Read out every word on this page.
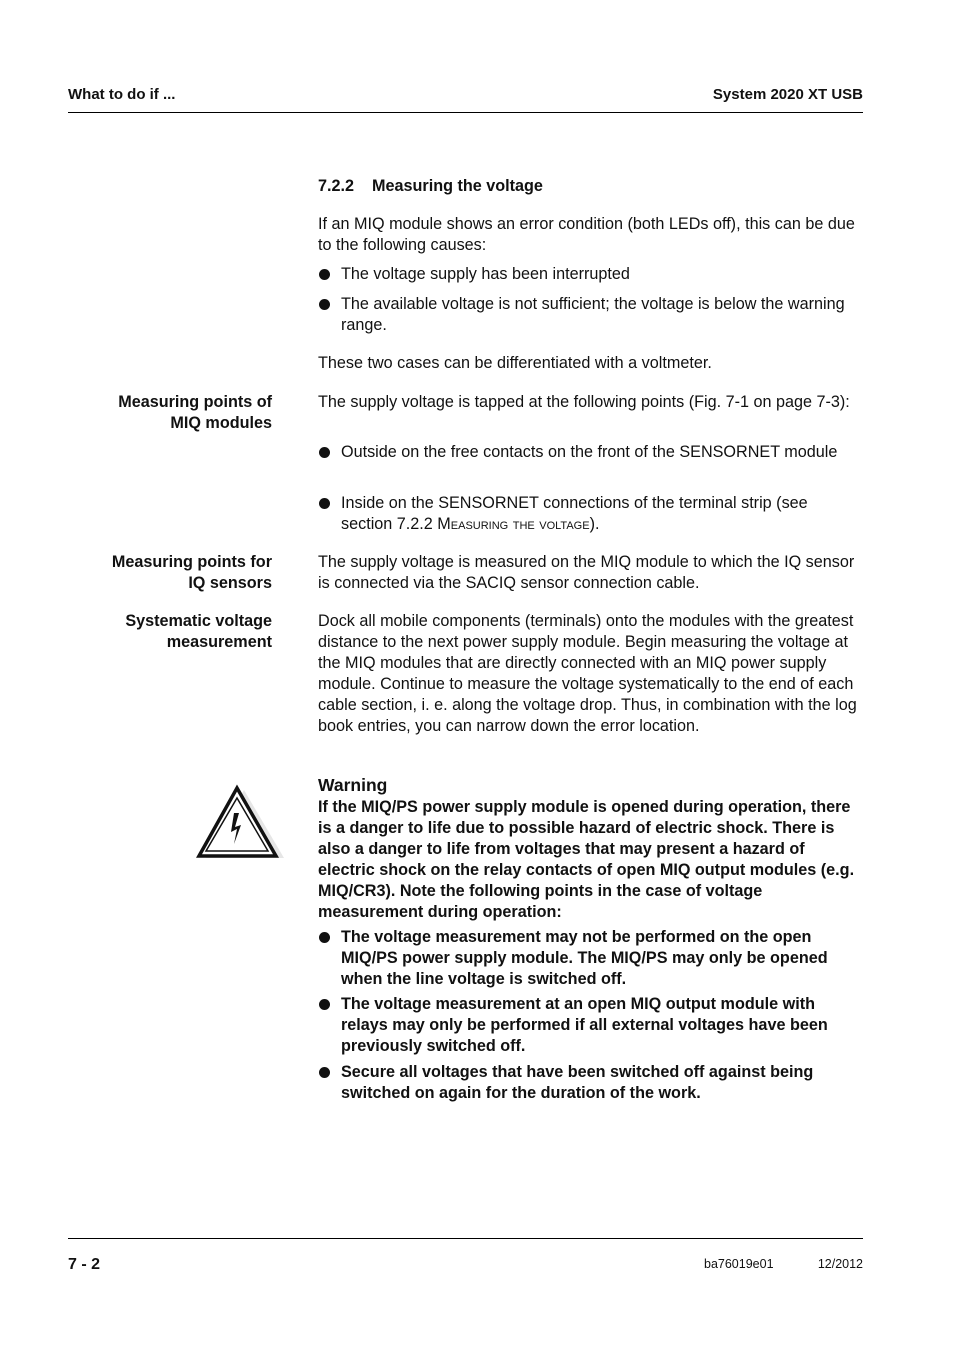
What to do if ...	System 2020 XT USB
7.2.2 Measuring the voltage
If an MIQ module shows an error condition (both LEDs off), this can be due to the following causes:
The voltage supply has been interrupted
The available voltage is not sufficient; the voltage is below the warning range.
These two cases can be differentiated with a voltmeter.
Measuring points of
MIQ modules
The supply voltage is tapped at the following points (Fig. 7-1 on page 7-3):
Outside on the free contacts on the front of the SENSORNET module
Inside on the SENSORNET connections of the terminal strip (see section 7.2.2 Measuring the voltage).
Measuring points for
IQ sensors
The supply voltage is measured on the MIQ module to which the IQ sensor is connected via the SACIQ sensor connection cable.
Systematic voltage
measurement
Dock all mobile components (terminals) onto the modules with the greatest distance to the next power supply module. Begin measuring the voltage at the MIQ modules that are directly connected with an MIQ power supply module. Continue to measure the voltage systematically to the end of each cable section, i. e. along the voltage drop. Thus, in combination with the log book entries, you can narrow down the error location.
Warning
If the MIQ/PS power supply module is opened during operation, there is a danger to life due to possible hazard of electric shock. There is also a danger to life from voltages that may present a hazard of electric shock on the relay contacts of open MIQ output modules (e.g. MIQ/CR3). Note the following points in the case of voltage measurement during operation:
The voltage measurement may not be performed on the open MIQ/PS power supply module. The MIQ/PS may only be opened when the line voltage is switched off.
The voltage measurement at an open MIQ output module with relays may only be performed if all external voltages have been previously switched off.
Secure all voltages that have been switched off against being switched on again for the duration of the work.
7 - 2	ba76019e01	12/2012
